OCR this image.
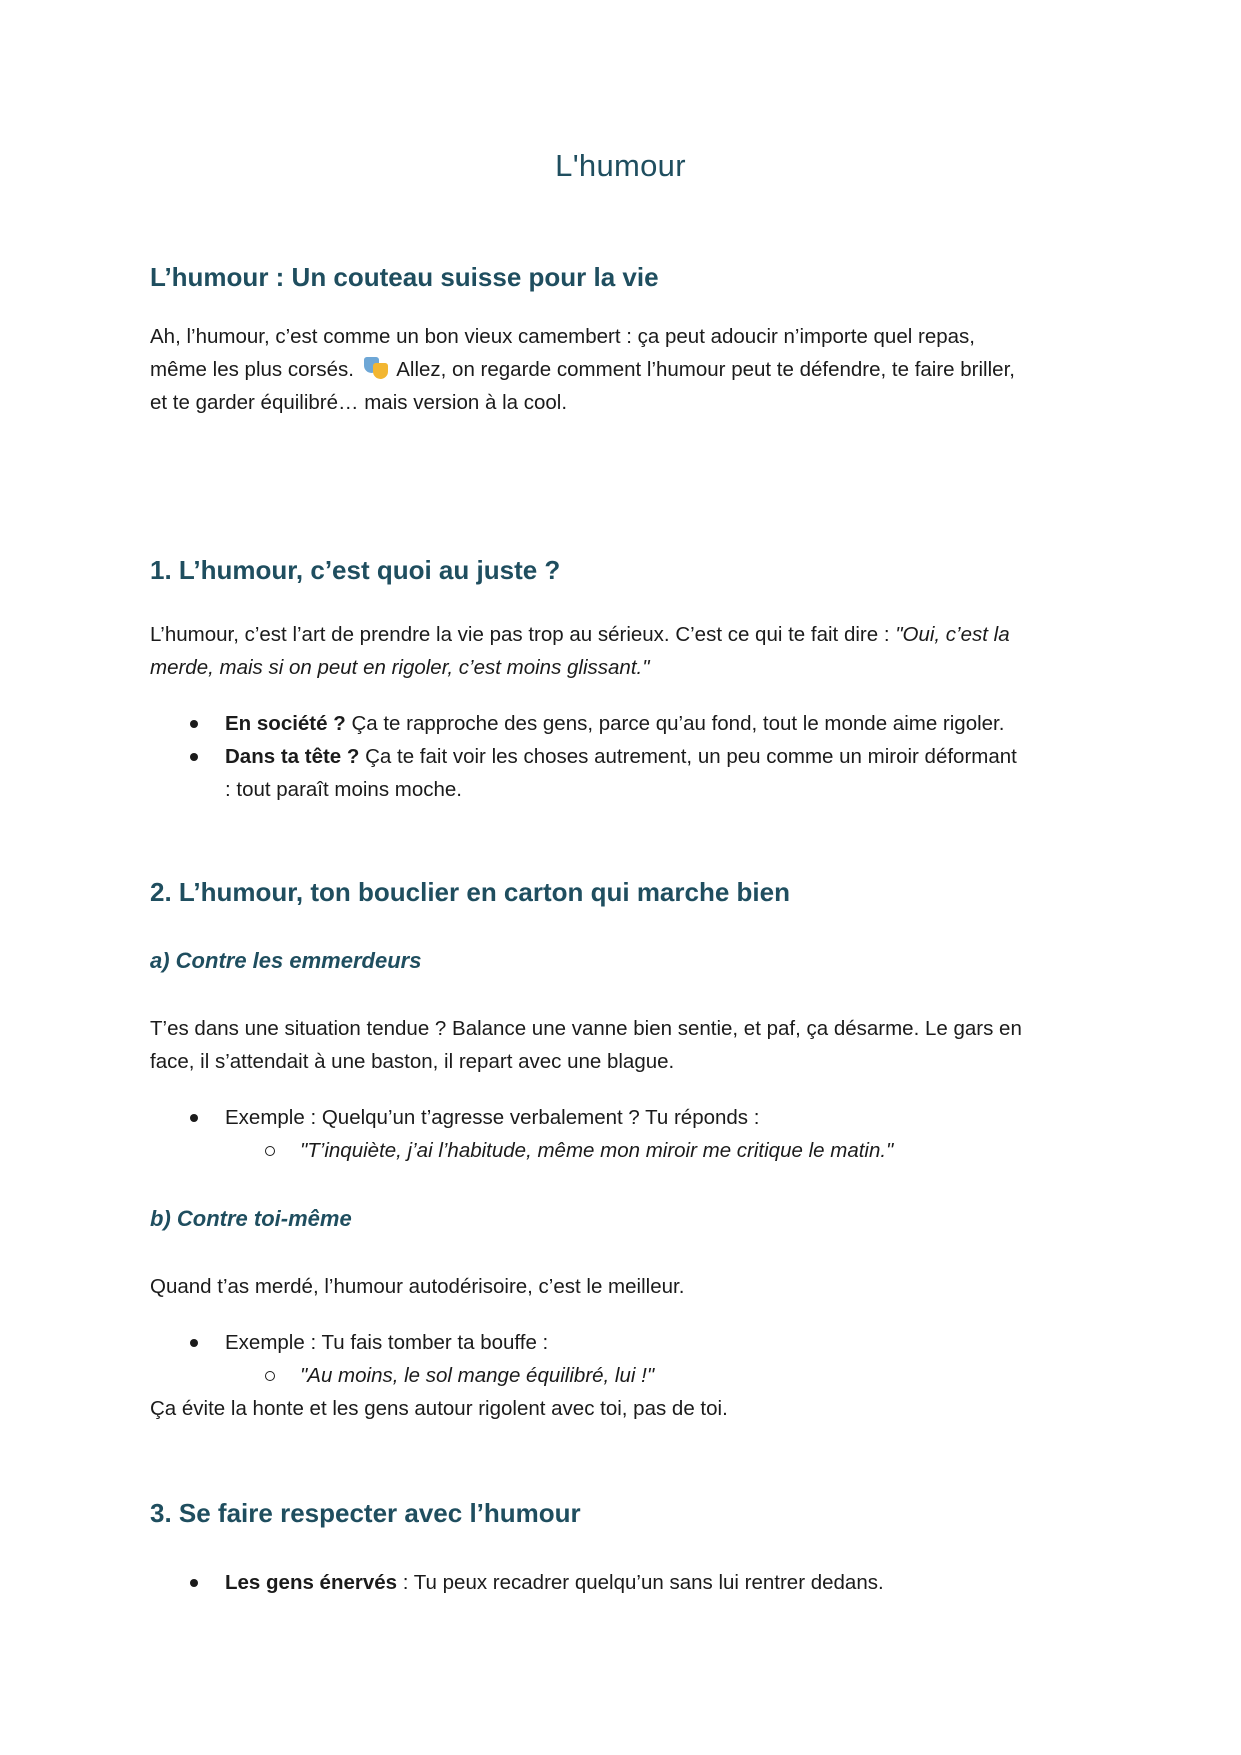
L'humour
L’humour : Un couteau suisse pour la vie
Ah, l’humour, c’est comme un bon vieux camembert : ça peut adoucir n’importe quel repas,
même les plus corsés. Allez, on regarde comment l’humour peut te défendre, te faire briller,
et te garder équilibré… mais version à la cool.
1. L’humour, c’est quoi au juste ?
L’humour, c’est l’art de prendre la vie pas trop au sérieux. C’est ce qui te fait dire : "Oui, c’est la
merde, mais si on peut en rigoler, c’est moins glissant."
En société ? Ça te rapproche des gens, parce qu’au fond, tout le monde aime rigoler.
Dans ta tête ? Ça te fait voir les choses autrement, un peu comme un miroir déformant
: tout paraît moins moche.
2. L’humour, ton bouclier en carton qui marche bien
a) Contre les emmerdeurs
T’es dans une situation tendue ? Balance une vanne bien sentie, et paf, ça désarme. Le gars en
face, il s’attendait à une baston, il repart avec une blague.
Exemple : Quelqu’un t’agresse verbalement ? Tu réponds :
"T’inquiète, j’ai l’habitude, même mon miroir me critique le matin."
b) Contre toi-même
Quand t’as merdé, l’humour autodérisoire, c’est le meilleur.
Exemple : Tu fais tomber ta bouffe :
"Au moins, le sol mange équilibré, lui !"
Ça évite la honte et les gens autour rigolent avec toi, pas de toi.
3. Se faire respecter avec l’humour
Les gens énervés : Tu peux recadrer quelqu’un sans lui rentrer dedans.
